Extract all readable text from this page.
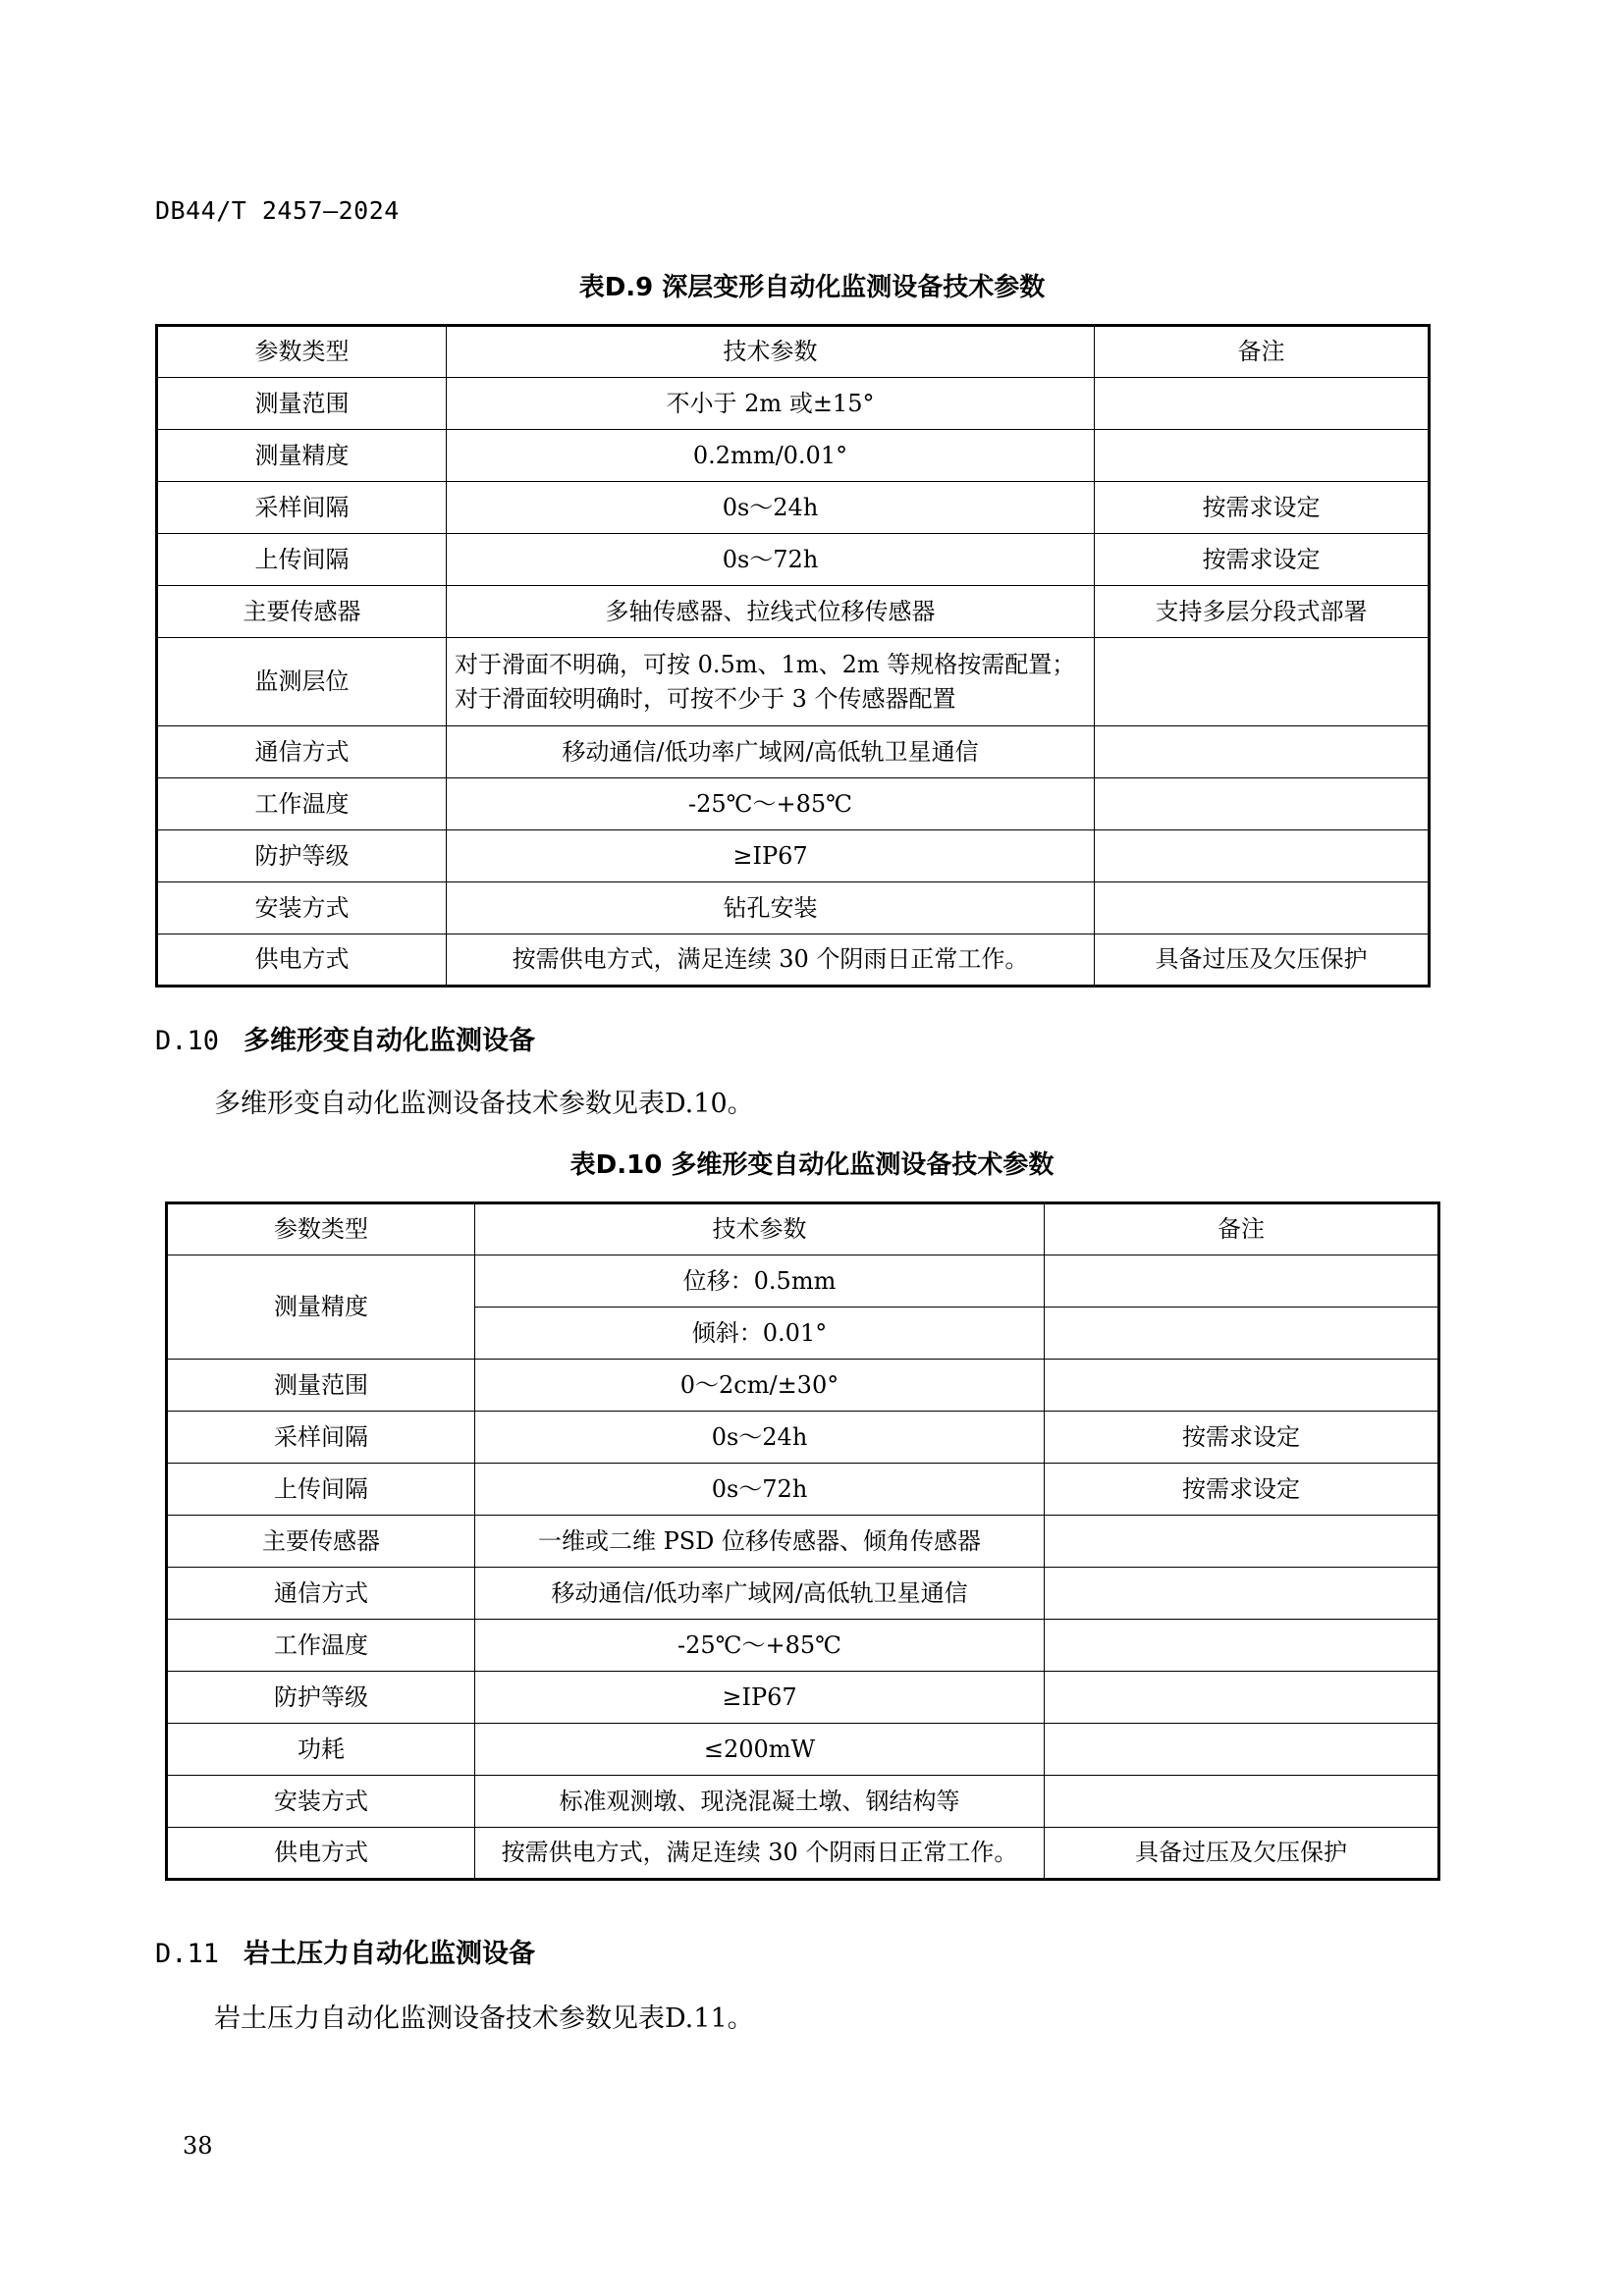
DB44/T 2457—2024
表D.9 深层变形自动化监测设备技术参数
参数类型	技术参数	备注
测量范围	不小于 2m 或±15°	
测量精度	0.2mm/0.01°	
采样间隔	0s～24h	按需求设定
上传间隔	0s～72h	按需求设定
主要传感器	多轴传感器、拉线式位移传感器	支持多层分段式部署
监测层位	对于滑面不明确，可按 0.5m、1m、2m 等规格按需配置；
对于滑面较明确时，可按不少于 3 个传感器配置	

通信方式	移动通信/低功率广域网/高低轨卫星通信	
工作温度	-25℃～+85℃	
防护等级	≥IP67	
安装方式	钻孔安装	
供电方式	按需供电方式，满足连续 30 个阴雨日正常工作。	具备过压及欠压保护
D.10 多维形变自动化监测设备
多维形变自动化监测设备技术参数见表D.10。
表D.10 多维形变自动化监测设备技术参数
参数类型	技术参数	备注
测量精度	位移：0.5mm	
	倾斜：0.01°	
测量范围	0～2cm/±30°	
采样间隔	0s～24h	按需求设定
上传间隔	0s～72h	按需求设定
主要传感器	一维或二维 PSD 位移传感器、倾角传感器	
通信方式	移动通信/低功率广域网/高低轨卫星通信	
工作温度	-25℃～+85℃	
防护等级	≥IP67	
功耗	≤200mW	
安装方式	标准观测墩、现浇混凝土墩、钢结构等	
供电方式	按需供电方式，满足连续 30 个阴雨日正常工作。	具备过压及欠压保护
D.11 岩土压力自动化监测设备
岩土压力自动化监测设备技术参数见表D.11。
38
